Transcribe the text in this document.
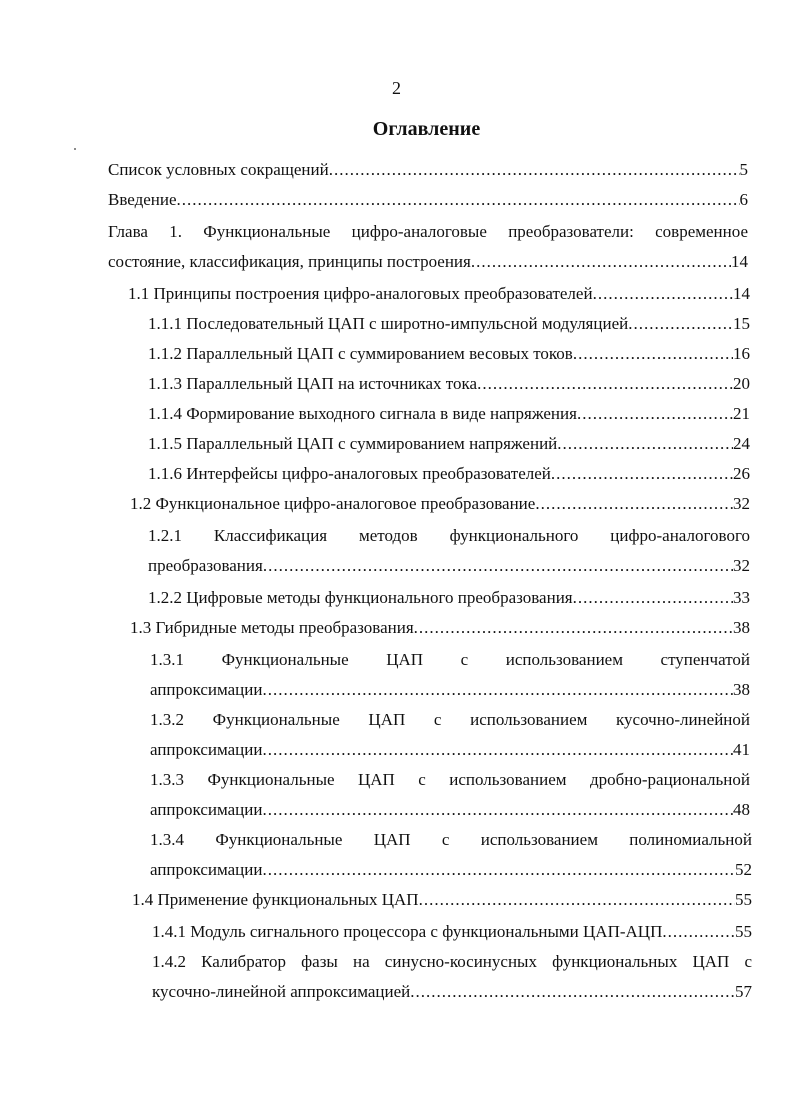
2
Оглавление
Список условных сокращений .....	5
Введение .....	6
Глава 1. Функциональные цифро-аналоговые преобразователи: современное
состояние, классификация, принципы построения .....	14
1.1 Принципы построения цифро-аналоговых преобразователей .....	14
1.1.1 Последовательный ЦАП с широтно-импульсной модуляцией .....	15
1.1.2 Параллельный ЦАП с суммированием весовых токов .....	16
1.1.3 Параллельный ЦАП на источниках тока .....	20
1.1.4 Формирование выходного сигнала в виде напряжения .....	21
1.1.5 Параллельный ЦАП с суммированием напряжений .....	24
1.1.6 Интерфейсы цифро-аналоговых преобразователей .....	26
1.2 Функциональное цифро-аналоговое преобразование .....	32
1.2.1 Классификация методов функционального цифро-аналогового
преобразования .....	32
1.2.2 Цифровые методы функционального преобразования .....	33
1.3 Гибридные методы преобразования .....	38
1.3.1 Функциональные ЦАП с использованием ступенчатой
аппроксимации .....	38
1.3.2 Функциональные ЦАП с использованием кусочно-линейной
аппроксимации .....	41
1.3.3 Функциональные ЦАП с использованием дробно-рациональной
аппроксимации .....	48
1.3.4 Функциональные ЦАП с использованием полиномиальной
аппроксимации .....	52
1.4 Применение функциональных ЦАП .....	55
1.4.1 Модуль сигнального процессора с функциональными ЦАП-АЦП .....	55
1.4.2 Калибратор фазы на синусно-косинусных функциональных ЦАП с
кусочно-линейной аппроксимацией .....	57
